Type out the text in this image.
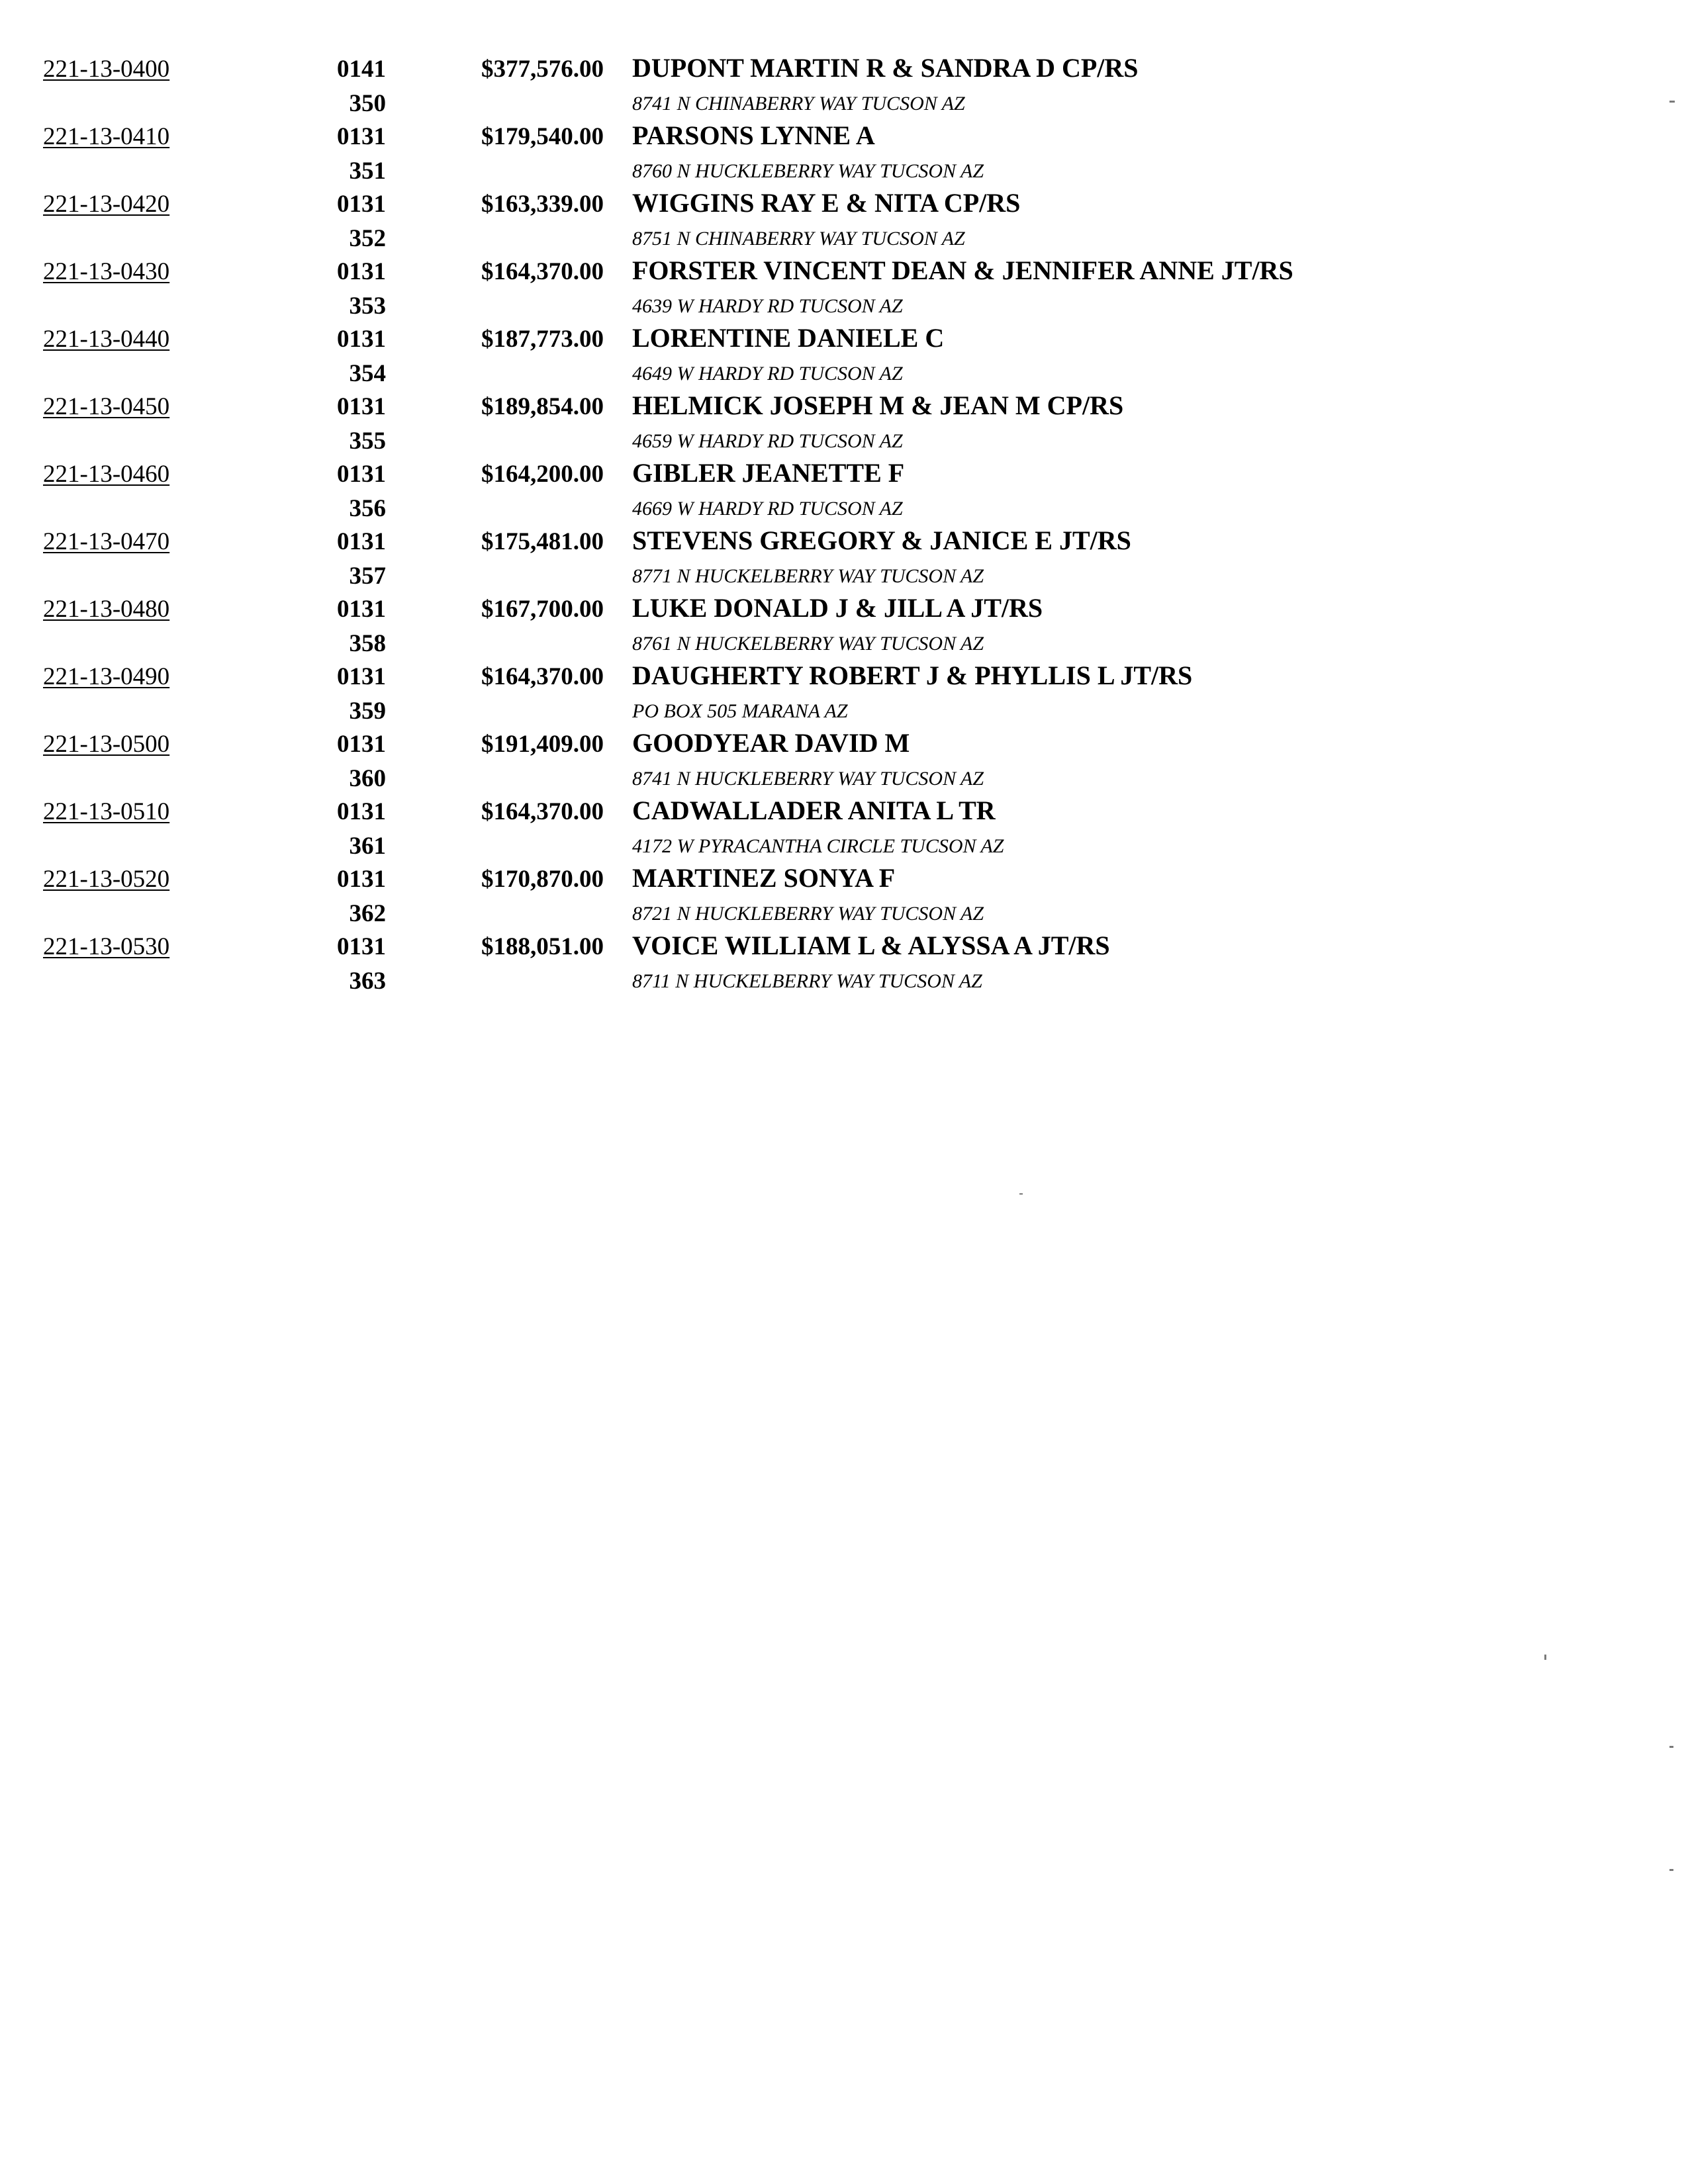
221-13-0400	0141	$377,576.00 DUPONT MARTIN R & SANDRA D CP/RS
350	8741 N CHINABERRY WAY TUCSON AZ
221-13-0410	0131	$179,540.00 PARSONS LYNNE A
351	8760 N HUCKLEBERRY WAY TUCSON AZ
221-13-0420	0131	$163,339.00 WIGGINS RAY E & NITA CP/RS
352	8751 N CHINABERRY WAY TUCSON AZ
221-13-0430	0131	$164,370.00 FORSTER VINCENT DEAN & JENNIFER ANNE JT/RS
353	4639 W HARDY RD TUCSON AZ
221-13-0440	0131	$187,773.00 LORENTINE DANIELE C
354	4649 W HARDY RD TUCSON AZ
221-13-0450	0131	$189,854.00 HELMICK JOSEPH M & JEAN M CP/RS
355	4659 W HARDY RD TUCSON AZ
221-13-0460	0131	$164,200.00 GIBLER JEANETTE F
356	4669 W HARDY RD TUCSON AZ
221-13-0470	0131	$175,481.00 STEVENS GREGORY & JANICE E JT/RS
357	8771 N HUCKELBERRY WAY TUCSON AZ
221-13-0480	0131	$167,700.00 LUKE DONALD J & JILL A JT/RS
358	8761 N HUCKELBERRY WAY TUCSON AZ
221-13-0490	0131	$164,370.00 DAUGHERTY ROBERT J & PHYLLIS L JT/RS
359	PO BOX 505 MARANA AZ
221-13-0500	0131	$191,409.00 GOODYEAR DAVID M
360	8741 N HUCKLEBERRY WAY TUCSON AZ
221-13-0510	0131	$164,370.00 CADWALLADER ANITA L TR
361	4172 W PYRACANTHA CIRCLE TUCSON AZ
221-13-0520	0131	$170,870.00 MARTINEZ SONYA F
362	8721 N HUCKLEBERRY WAY TUCSON AZ
221-13-0530	0131	$188,051.00 VOICE WILLIAM L & ALYSSA A JT/RS
363	8711 N HUCKELBERRY WAY TUCSON AZ
